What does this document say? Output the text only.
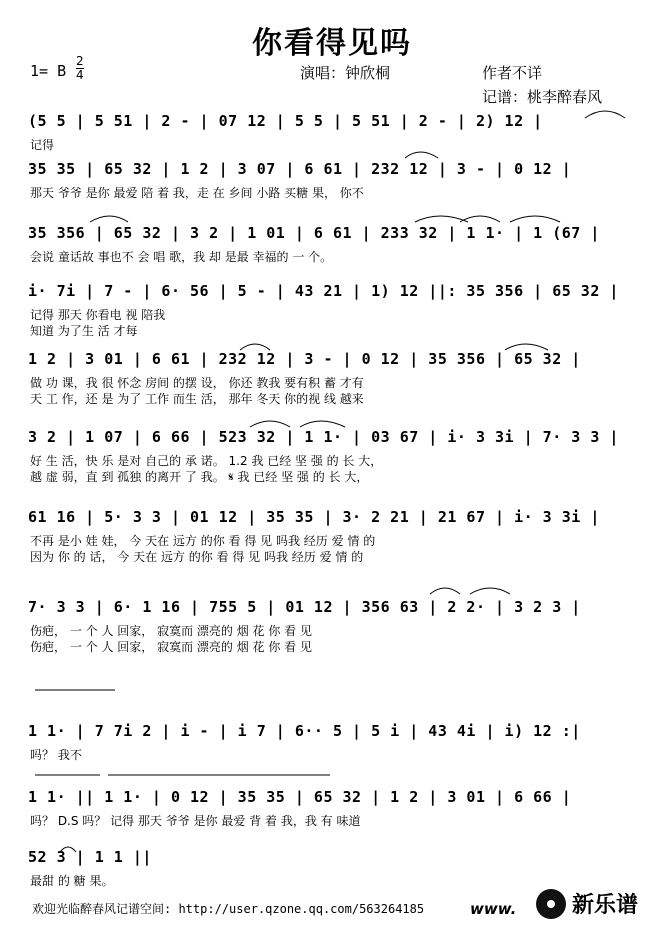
你看得见吗
1= B
2
4	演唱：钟欣桐	作者不详
记谱：桃李醉春风
(5 5 | 5 51 | 2 - | 07 12 | 5 5 | 5 51 | 2 - | 2) 12 |
记得
35 35 | 65 32 | 1 2 | 3 07 | 6 61 | 232 12 | 3 - | 0 12 |
那天 爷爷 是你 最爱 陪 着 我，走 在 乡间 小路 买糖 果， 你不
35 356 | 65 32 | 3 2 | 1 01 | 6 61 | 233 32 | 1 1· | 1 (67 |
会说 童话故 事也不 会 唱 歌，我 却 是最 幸福的 一 个。
i· 7i | 7 - | 6· 56 | 5 - | 43 21 | 1) 12 ||: 35 356 | 65 32 |
记得 那天 你看电 视 陪我
知道 为了生 活 才每
1 2 | 3 01 | 6 61 | 232 12 | 3 - | 0 12 | 35 356 | 65 32 |
做 功 课，我 很 怀念 房间 的摆 设， 你还 教我 要有积 蓄 才有
天 工 作，还 是 为了 工作 而生 活， 那年 冬天 你的视 线 越来
3 2 | 1 07 | 6 66 | 523 32 | 1 1· | 03 67 | i· 3 3i | 7· 3 3 |
好 生 活，快 乐 是对 自己的 承 诺。 1.2 我 已经 坚 强 的 长 大，
越 虚 弱，直 到 孤独 的离开 了 我。 𝄋 我 已经 坚 强 的 长 大，
61 16 | 5· 3 3 | 01 12 | 35 35 | 3· 2 21 | 21 67 | i· 3 3i |
不再 是小 娃 娃， 今 天在 远方 的你 看 得 见 吗我 经历 爱 情 的
因为 你 的 话， 今 天在 远方 的你 看 得 见 吗我 经历 爱 情 的
7· 3 3 | 6· 1 16 | 755 5 | 01 12 | 356 63 | 2 2· | 3 2 3 |
伤疤， 一 个 人 回家， 寂寞而 漂亮的 烟 花 你 看 见
伤疤， 一 个 人 回家， 寂寞而 漂亮的 烟 花 你 看 见
1 1· | 7 7i 2 | i - | i 7 | 6·· 5 | 5 i | 43 4i | i) 12 :|
吗？ 我不
1 1· || 1 1· | 0 12 | 35 35 | 65 32 | 1 2 | 3 01 | 6 66 |
吗？ D.S 吗？ 记得 那天 爷爷 是你 最爱 背 着 我，我 有 味道
52 3 | 1 1 ||
最甜 的 糖 果。
欢迎光临醉春风记谱空间: http://user.qzone.qq.com/563264185	www.	新乐谱
